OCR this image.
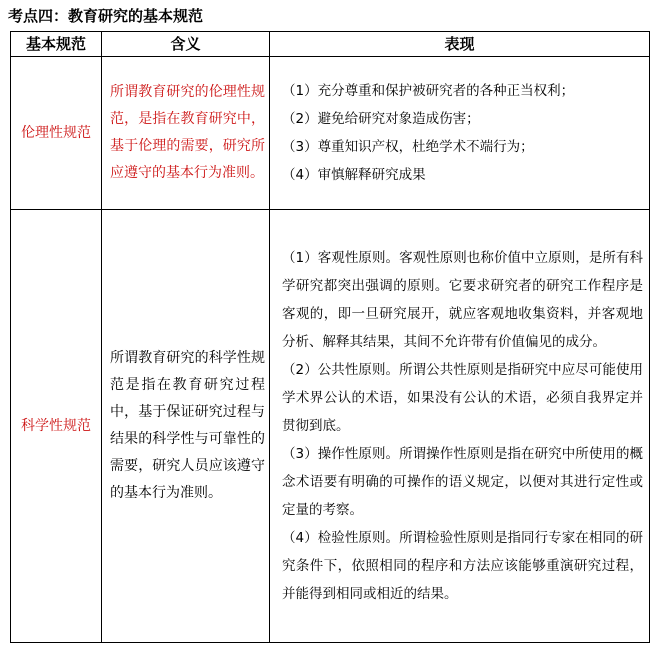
考点四：教育研究的基本规范
基本规范	含义	表现
伦理性规范	所谓教育研究的伦理性规范，是指在教育研究中，基于伦理的需要，研究所应遵守的基本行为准则。	（1）充分尊重和保护被研究者的各种正当权利；
（2）避免给研究对象造成伤害；
（3）尊重知识产权，杜绝学术不端行为；
（4）审慎解释研究成果

科学性规范	所谓教育研究的科学性规范是指在教育研究过程中，基于保证研究过程与结果的科学性与可靠性的需要，研究人员应该遵守的基本行为准则。	（1）客观性原则。客观性原则也称价值中立原则，是所有科学研究都突出强调的原则。它要求研究者的研究工作程序是客观的，即一旦研究展开，就应客观地收集资料，并客观地分析、解释其结果，其间不允许带有价值偏见的成分。
（2）公共性原则。所谓公共性原则是指研究中应尽可能使用学术界公认的术语，如果没有公认的术语，必须自我界定并贯彻到底。
（3）操作性原则。所谓操作性原则是指在研究中所使用的概念术语要有明确的可操作的语义规定，以便对其进行定性或定量的考察。
（4）检验性原则。所谓检验性原则是指同行专家在相同的研究条件下，依照相同的程序和方法应该能够重演研究过程，并能得到相同或相近的结果。
